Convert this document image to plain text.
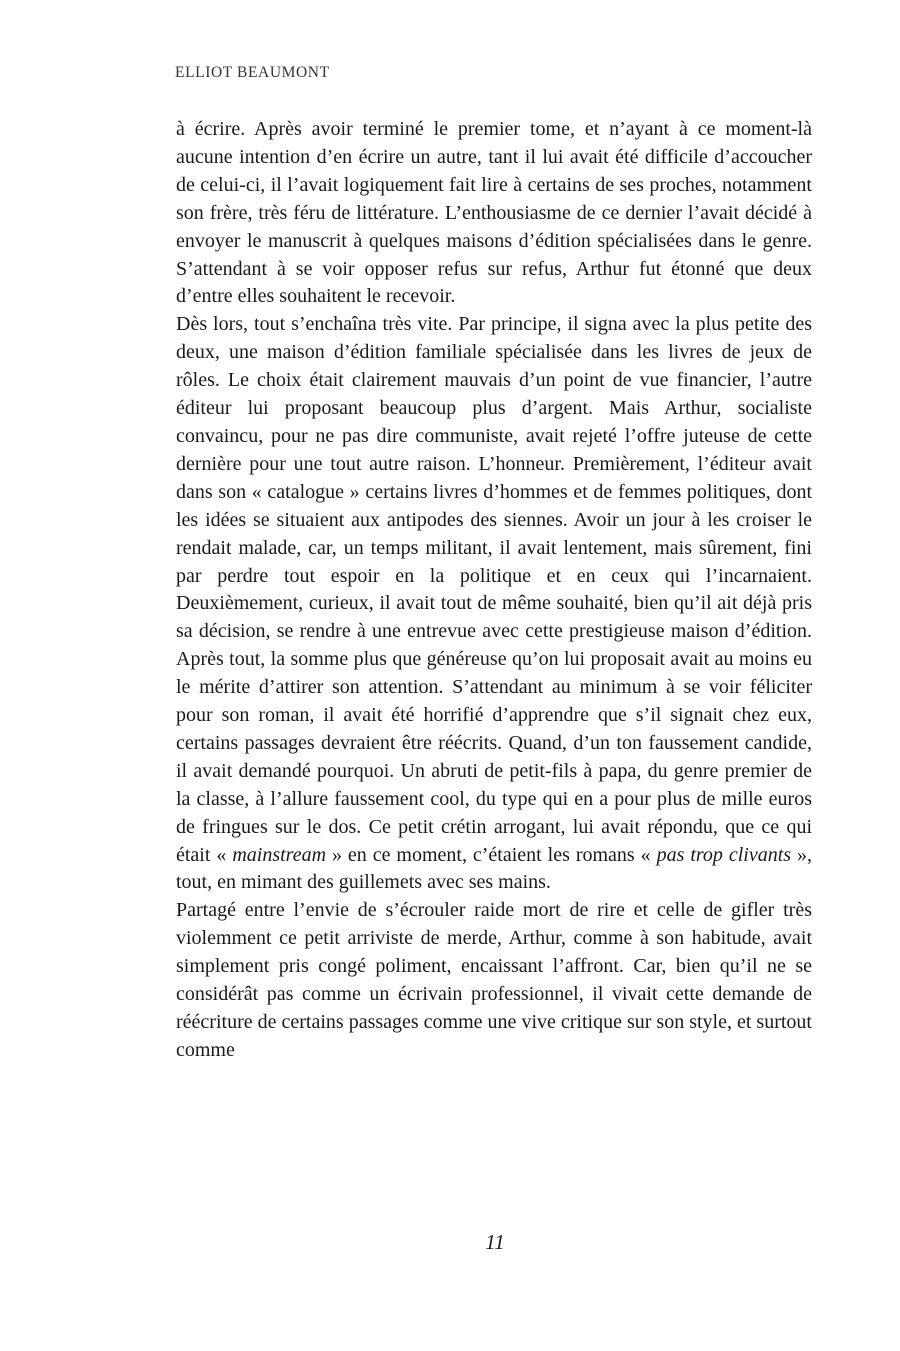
ELLIOT BEAUMONT

à écrire. Après avoir terminé le premier tome, et n’ayant à ce moment-là aucune intention d’en écrire un autre, tant il lui avait été difficile d’accoucher de celui-ci, il l’avait logiquement fait lire à certains de ses proches, notamment son frère, très féru de littérature. L’enthousiasme de ce dernier l’avait décidé à envoyer le manuscrit à quelques maisons d’édition spécialisées dans le genre. S’attendant à se voir opposer refus sur refus, Arthur fut étonné que deux d’entre elles souhaitent le recevoir.

Dès lors, tout s’enchaîna très vite. Par principe, il signa avec la plus petite des deux, une maison d’édition familiale spécialisée dans les livres de jeux de rôles. Le choix était clairement mauvais d’un point de vue financier, l’autre éditeur lui proposant beaucoup plus d’argent. Mais Arthur, socialiste convaincu, pour ne pas dire communiste, avait rejeté l’offre juteuse de cette dernière pour une tout autre raison. L’honneur. Premièrement, l’éditeur avait dans son « catalogue » certains livres d’hommes et de femmes politiques, dont les idées se situaient aux antipodes des siennes. Avoir un jour à les croiser le rendait malade, car, un temps militant, il avait lentement, mais sûrement, fini par perdre tout espoir en la politique et en ceux qui l’incarnaient. Deuxièmement, curieux, il avait tout de même souhaité, bien qu’il ait déjà pris sa décision, se rendre à une entrevue avec cette prestigieuse maison d’édition. Après tout, la somme plus que généreuse qu’on lui proposait avait au moins eu le mérite d’attirer son attention. S’attendant au minimum à se voir féliciter pour son roman, il avait été horrifié d’apprendre que s’il signait chez eux, certains passages devraient être réécrits. Quand, d’un ton faussement candide, il avait demandé pourquoi. Un abruti de petit-fils à papa, du genre premier de la classe, à l’allure faussement cool, du type qui en a pour plus de mille euros de fringues sur le dos. Ce petit crétin arrogant, lui avait répondu, que ce qui était « mainstream » en ce moment, c’étaient les romans « pas trop clivants », tout, en mimant des guillemets avec ses mains.

Partagé entre l’envie de s’écrouler raide mort de rire et celle de gifler très violemment ce petit arriviste de merde, Arthur, comme à son habitude, avait simplement pris congé poliment, encaissant l’affront. Car, bien qu’il ne se considérât pas comme un écrivain professionnel, il vivait cette demande de réécriture de certains passages comme une vive critique sur son style, et surtout comme

11
